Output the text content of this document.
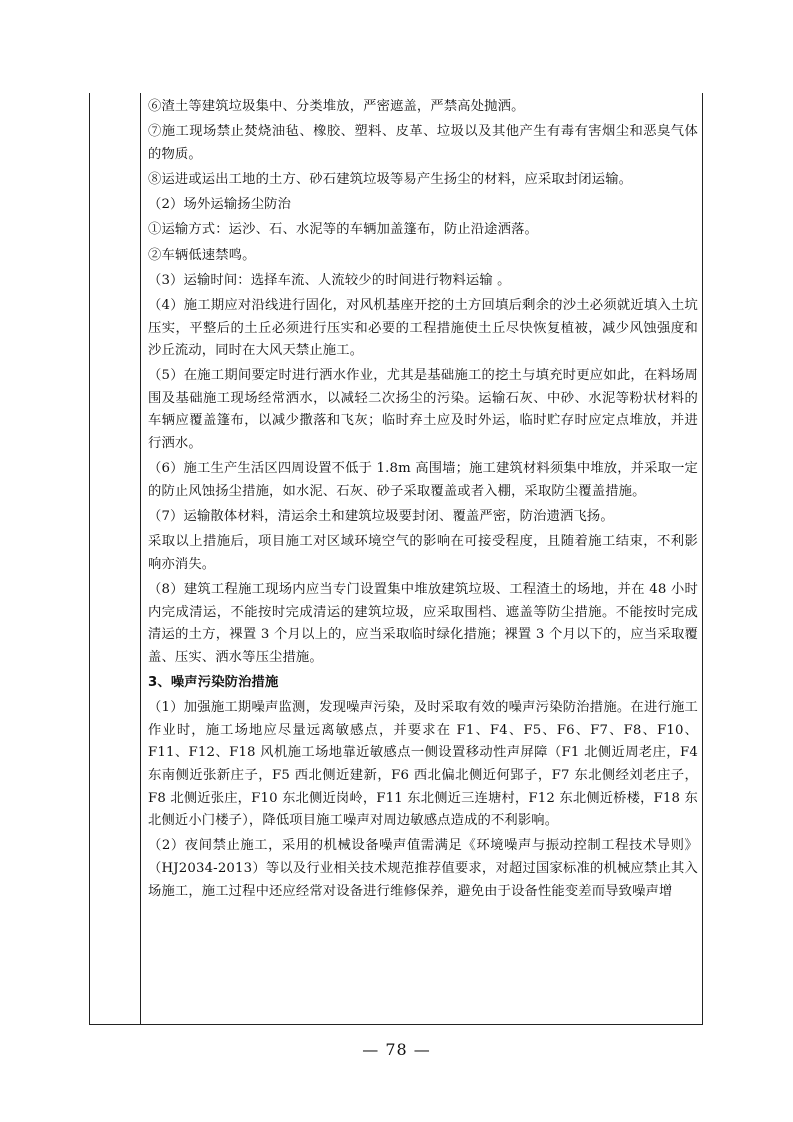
⑥渣土等建筑垃圾集中、分类堆放，严密遮盖，严禁高处抛洒。

⑦施工现场禁止焚烧油毡、橡胶、塑料、皮革、垃圾以及其他产生有毒有害烟尘和恶臭气体的物质。

⑧运进或运出工地的土方、砂石建筑垃圾等易产生扬尘的材料，应采取封闭运输。

（2）场外运输扬尘防治

①运输方式：运沙、石、水泥等的车辆加盖篷布，防止沿途洒落。

②车辆低速禁鸣。

（3）运输时间：选择车流、人流较少的时间进行物料运输 。

（4）施工期应对沿线进行固化，对风机基座开挖的土方回填后剩余的沙土必须就近填入土坑压实，平整后的土丘必须进行压实和必要的工程措施使土丘尽快恢复植被，减少风蚀强度和沙丘流动，同时在大风天禁止施工。

（5）在施工期间要定时进行洒水作业，尤其是基础施工的挖土与填充时更应如此，在料场周围及基础施工现场经常洒水，以减轻二次扬尘的污染。运输石灰、中砂、水泥等粉状材料的车辆应覆盖篷布，以减少撒落和飞灰；临时弃土应及时外运，临时贮存时应定点堆放，并进行洒水。

（6）施工生产生活区四周设置不低于 1.8m 高围墙；施工建筑材料须集中堆放，并采取一定的防止风蚀扬尘措施，如水泥、石灰、砂子采取覆盖或者入棚，采取防尘覆盖措施。

（7）运输散体材料，清运余土和建筑垃圾要封闭、覆盖严密，防治遗洒飞扬。

采取以上措施后，项目施工对区域环境空气的影响在可接受程度，且随着施工结束，不利影响亦消失。

（8）建筑工程施工现场内应当专门设置集中堆放建筑垃圾、工程渣土的场地，并在 48 小时内完成清运，不能按时完成清运的建筑垃圾，应采取围档、遮盖等防尘措施。不能按时完成清运的土方，裸置 3 个月以上的，应当采取临时绿化措施；裸置 3 个月以下的，应当采取覆盖、压实、洒水等压尘措施。

3、噪声污染防治措施

（1）加强施工期噪声监测，发现噪声污染，及时采取有效的噪声污染防治措施。在进行施工作业时，施工场地应尽量远离敏感点，并要求在 F1、F4、F5、F6、F7、F8、F10、F11、F12、F18 风机施工场地靠近敏感点一侧设置移动性声屏障（F1 北侧近周老庄，F4 东南侧近张新庄子，F5 西北侧近建新，F6 西北偏北侧近何郢子，F7 东北侧经刘老庄子，F8 北侧近张庄，F10 东北侧近岗岭，F11 东北侧近三连塘村，F12 东北侧近桥楼，F18 东北侧近小门楼子），降低项目施工噪声对周边敏感点造成的不利影响。

（2）夜间禁止施工，采用的机械设备噪声值需满足《环境噪声与振动控制工程技术导则》（HJ2034-2013）等以及行业相关技术规范推荐值要求，对超过国家标准的机械应禁止其入场施工，施工过程中还应经常对设备进行维修保养，避免由于设备性能变差而导致噪声增

— 78 —
